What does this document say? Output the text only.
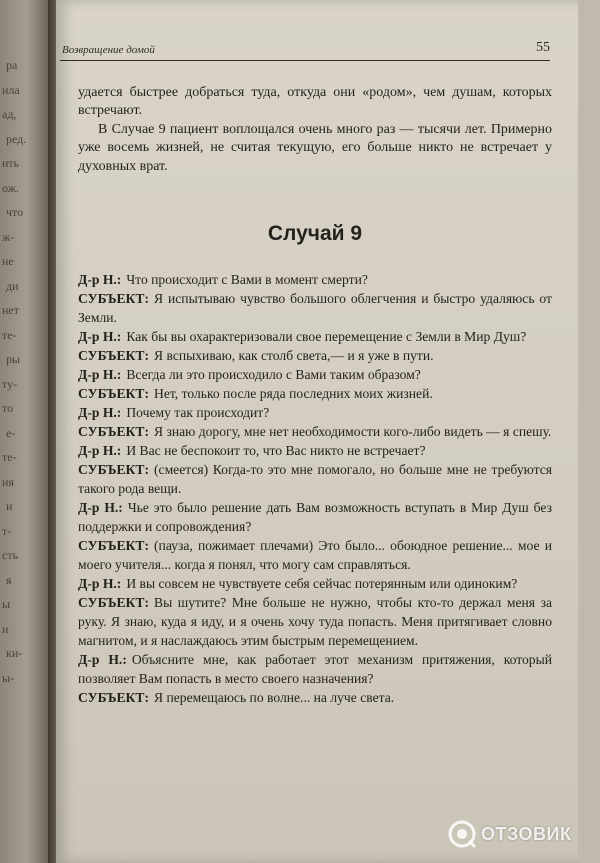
ра
ила
ад,
ред.
ить
ож.
что
ж-
не
ди
нет
те-
ры
ту-
то
е-
те-
ня
и
т-
сть
я
ы
и
ки-
ы-
Возвращение домой	55

удается быстрее добраться туда, откуда они «родом», чем душам, которых встречают.

В Случае 9 пациент воплощался очень много раз — тысячи лет. Примерно уже восемь жизней, не считая текущую, его больше никто не встречает у духовных врат.

Случай 9

Д-р Н.: Что происходит с Вами в момент смерти?

СУБЪЕКТ: Я испытываю чувство большого облегчения и быстро удаляюсь от Земли.

Д-р Н.: Как бы вы охарактеризовали свое перемещение с Земли в Мир Душ?

СУБЪЕКТ: Я вспыхиваю, как столб света,— и я уже в пути.

Д-р Н.: Всегда ли это происходило с Вами таким образом?

СУБЪЕКТ: Нет, только после ряда последних моих жизней.

Д-р Н.: Почему так происходит?

СУБЪЕКТ: Я знаю дорогу, мне нет необходимости кого-либо видеть — я спешу.

Д-р Н.: И Вас не беспокоит то, что Вас никто не встречает?

СУБЪЕКТ: (смеется) Когда-то это мне помогало, но больше мне не требуются такого рода вещи.

Д-р Н.: Чье это было решение дать Вам возможность вступать в Мир Душ без поддержки и сопровождения?

СУБЪЕКТ: (пауза, пожимает плечами) Это было... обоюдное решение... мое и моего учителя... когда я понял, что могу сам справляться.

Д-р Н.: И вы совсем не чувствуете себя сейчас потерянным или одиноким?

СУБЪЕКТ: Вы шутите? Мне больше не нужно, чтобы кто-то держал меня за руку. Я знаю, куда я иду, и я очень хочу туда попасть. Меня притягивает словно магнитом, и я наслаждаюсь этим быстрым перемещением.

Д-р Н.: Объясните мне, как работает этот механизм притяжения, который позволяет Вам попасть в место своего назначения?

СУБЪЕКТ: Я перемещаюсь по волне... на луче света.

ОТЗОВИК
